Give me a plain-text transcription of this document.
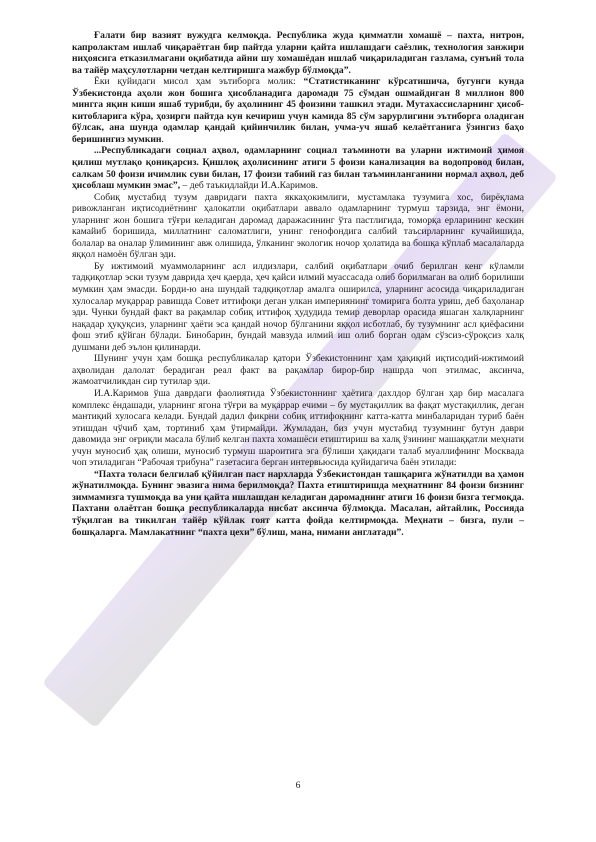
Ғалати бир вазият вужудга келмоқда. Республика жуда қимматли хомашё – пахта, нитрон, капролактам ишлаб чиқараётган бир пайтда уларни қайта ишлашдаги саёзлик, технология занжири ниҳоясига етказилмагани оқибатида айни шу хомашёдан ишлаб чиқариладиган газлама, сунъий тола ва тайёр маҳсулотларни четдан келтиришга мажбур бўлмоқда”.

Ёки қуйидаги мисол ҳам эътиборга молик: “Статистиканинг кўрсатишича, бугунги кунда Ўзбекистонда аҳоли жон бошига ҳисобланадига даромади 75 сўмдан ошмайдиган 8 миллион 800 мингга яқин киши яшаб турибди, бу аҳолининг 45 фоизини ташкил этади. Мутахассисларнинг ҳисоб-китобларига кўра, ҳозирги пайтда кун кечириш учун камида 85 сўм зарурлигини эътиборга оладиган бўлсак, ана шунда одамлар қандай қийинчилик билан, учма-уч яшаб келаётганига ўзингиз баҳо беришингиз мумкин.

...Республикадаги социал аҳвол, одамларнинг социал таъминоти ва уларни ижтимоий ҳимоя қилиш мутлақо қониқарсиз. Қишлоқ аҳолисининг атиги 5 фоизи канализация ва водопровод билан, салкам 50 фоизи ичимлик суви билан, 17 фоизи табиий газ билан таъминланганини нормал аҳвол, деб ҳисоблаш мумкин эмас”, – деб таъкидлайди И.А.Каримов.

Собиқ мустабид тузум давридаги пахта яккаҳокимлиги, мустамлака тузумига хос, бирёқлама ривожланган иқтисодиётнинг ҳалокатли оқибатлари аввало одамларнинг турмуш тарзида, энг ёмони, уларнинг жон бошига тўғри келадиган даромад даражасининг ўта пастлигида, томорқа ерларининг кескин камайиб боришида, миллатнинг саломатлиги, унинг генофондига салбий таъсирларнинг кучайишида, болалар ва оналар ўлимининг авж олишида, ўлканинг экологик ночор ҳолатида ва бошқа кўплаб масалаларда яққол намоён бўлган эди.

Бу ижтимоий муаммоларнинг асл илдизлари, салбий оқибатлари очиб берилган кенг кўламли тадқиқотлар эски тузум даврида ҳеч қаерда, ҳеч қайси илмий муассасада олиб борилмаган ва олиб борилиши мумкин ҳам эмасди. Борди-ю ана шундай тадқиқотлар амалга оширилса, уларнинг асосида чиқариладиган хулосалар муқаррар равишда Совет иттифоқи деган улкан империянинг томирига болта уриш, деб баҳоланар эди. Чунки бундай факт ва рақамлар собиқ иттифоқ ҳудудида темир деворлар орасида яшаган халқларнинг нақадар ҳуқуқсиз, уларнинг ҳаёти эса қандай ночор бўлганини яққол исботлаб, бу тузумнинг асл қиёфасини фош этиб қўйган бўлади. Бинобарин, бундай мавзуда илмий иш олиб борган одам сўзсиз-сўроқсиз халқ душмани деб эълон қилинарди.

Шунинг учун ҳам бошқа республикалар қатори Ўзбекистоннинг ҳам ҳақиқий иқтисодий-ижтимоий аҳволидан далолат берадиган реал факт ва рақамлар бирор-бир нашрда чоп этилмас, аксинча, жамоатчиликдан сир тутилар эди.

И.А.Каримов ўша даврдаги фаолиятида Ўзбекистоннинг ҳаётига дахлдор бўлган ҳар бир масалага комплекс ёндашади, уларнинг ягона тўғри ва муқаррар ечими – бу мустақиллик ва фақат мустақиллик, деган мантиқий хулосага келади. Бундай дадил фикрни собиқ иттифоқнинг катта-катта минбаларидан туриб баён этишдан чўчиб ҳам, тортиниб ҳам ўтирмайди. Жумладан, биз учун мустабид тузумнинг бутун даври давомида энг оғриқли масала бўлиб келган пахта хомашёси етиштириш ва халқ ўзининг машаққатли меҳнати учун муносиб ҳақ олиши, муносиб турмуш шароитига эга бўлиши ҳақидаги талаб муаллифнинг Москвада чоп этиладиган “Рабочая трибуна” газетасига берган интервьюсида қуйидагича баён этилади:

“Пахта толаси белгилаб қўйилган паст нархларда Ўзбекистондан ташқарига жўнатилди ва ҳамон жўнатилмоқда. Бунинг эвазига нима берилмоқда? Пахта етиштиришда меҳнатнинг 84 фоизи бизнинг зиммамизга тушмоқда ва уни қайта ишлашдан келадиган даромаднинг атиги 16 фоизи бизга тегмоқда. Пахтани олаётган бошқа республикаларда нисбат аксинча бўлмоқда. Масалан, айтайлик, Россияда тўқилган ва тикилган тайёр кўйлак гоят катта фойда келтирмоқда. Меҳнати – бизга, пули – бошқаларга. Мамлакатнинг “пахта цехи” бўлиш, мана, нимани англатади”.

6
